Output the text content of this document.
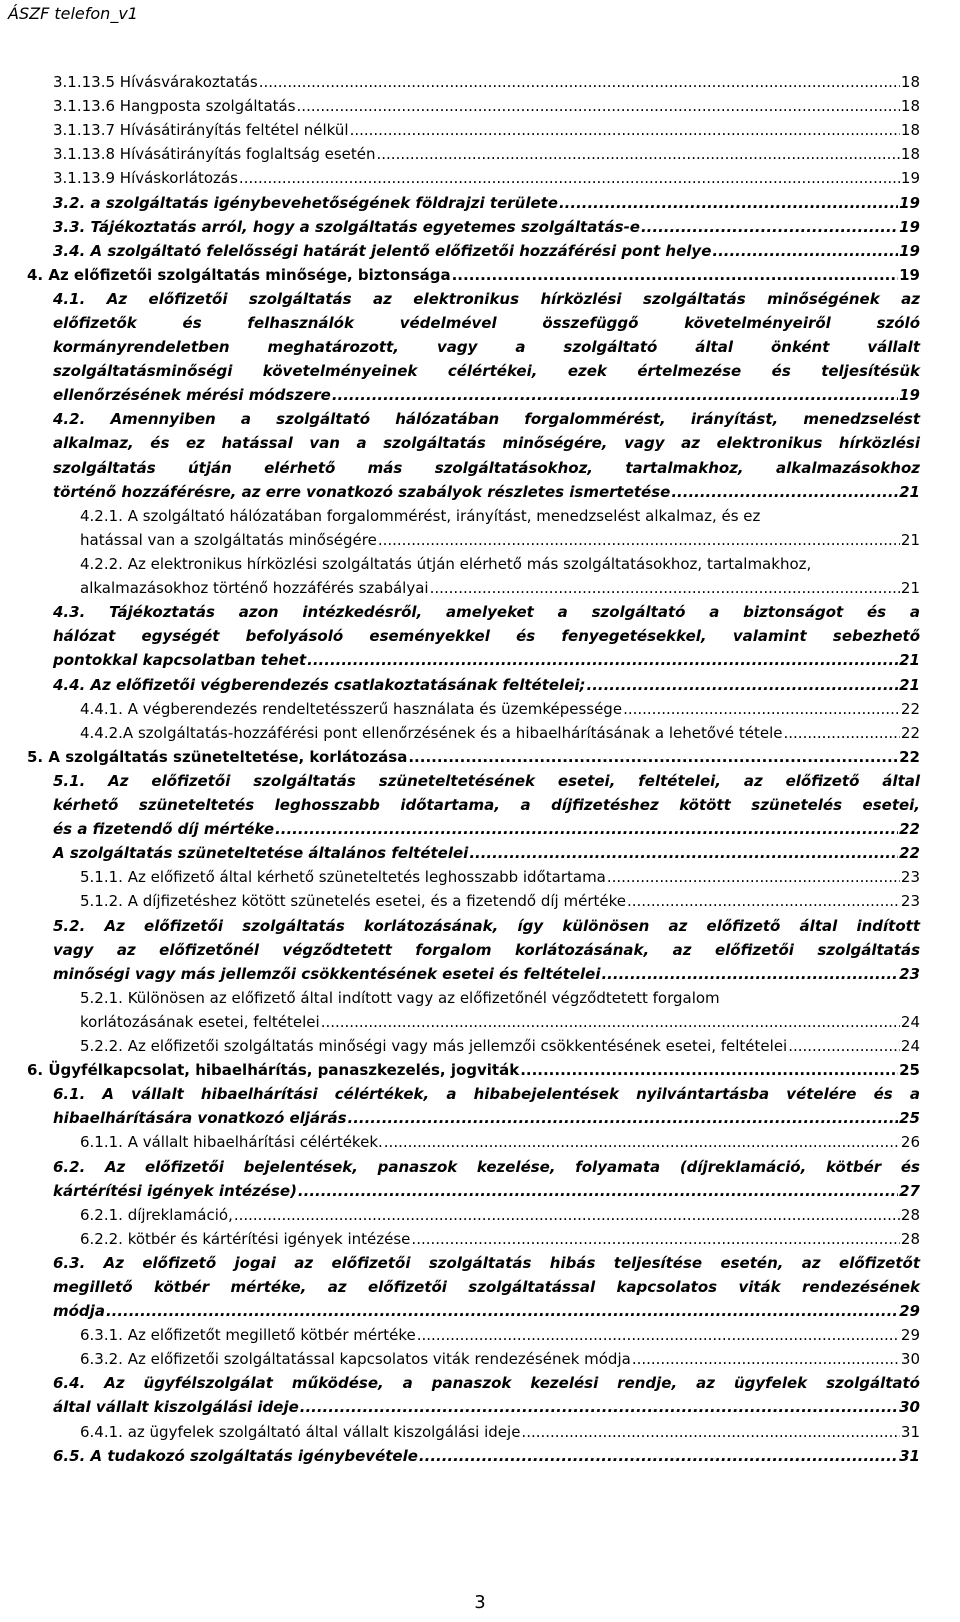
ÁSZF telefon_v1
3.1.13.5 Hívásvárakoztatás .....	18
3.1.13.6 Hangposta szolgáltatás .....	18
3.1.13.7 Hívásátirányítás feltétel nélkül .....	18
3.1.13.8 Hívásátirányítás foglaltság esetén .....	18
3.1.13.9 Híváskorlátozás .....	19
3.2. a szolgáltatás igénybevehetőségének földrajzi területe .....	19
3.3. Tájékoztatás arról, hogy a szolgáltatás egyetemes szolgáltatás-e .....	19
3.4. A szolgáltató felelősségi határát jelentő előfizetői hozzáférési pont helye .....	19
4. Az előfizetői szolgáltatás minősége, biztonsága .....	19
4.1. Az előfizetői szolgáltatás az elektronikus hírközlési szolgáltatás minőségének az
előfizetők és felhasználók védelmével összefüggő követelményeiről szóló
kormányrendeletben meghatározott, vagy a szolgáltató által önként vállalt
szolgáltatásminőségi követelményeinek célértékei, ezek értelmezése és teljesítésük
ellenőrzésének mérési módszere .....	19
4.2. Amennyiben a szolgáltató hálózatában forgalommérést, irányítást, menedzselést
alkalmaz, és ez hatással van a szolgáltatás minőségére, vagy az elektronikus hírközlési
szolgáltatás útján elérhető más szolgáltatásokhoz, tartalmakhoz, alkalmazásokhoz
történő hozzáférésre, az erre vonatkozó szabályok részletes ismertetése .....	21
4.2.1. A szolgáltató hálózatában forgalommérést, irányítást, menedzselést alkalmaz, és ez
hatással van a szolgáltatás minőségére .....	21
4.2.2. Az elektronikus hírközlési szolgáltatás útján elérhető más szolgáltatásokhoz, tartalmakhoz,
alkalmazásokhoz történő hozzáférés szabályai .....	21
4.3. Tájékoztatás azon intézkedésről, amelyeket a szolgáltató a biztonságot és a
hálózat egységét befolyásoló eseményekkel és fenyegetésekkel, valamint sebezhető
pontokkal kapcsolatban tehet .....	21
4.4. Az előfizetői végberendezés csatlakoztatásának feltételei; .....	21
4.4.1. A végberendezés rendeltetésszerű használata és üzemképessége .....	22
4.4.2.A szolgáltatás-hozzáférési pont ellenőrzésének és a hibaelhárításának a lehetővé tétele .....	22
5. A szolgáltatás szüneteltetése, korlátozása .....	22
5.1. Az előfizetői szolgáltatás szüneteltetésének esetei, feltételei, az előfizető által
kérhető szüneteltetés leghosszabb időtartama, a díjfizetéshez kötött szünetelés esetei,
és a fizetendő díj mértéke .....	22
A szolgáltatás szüneteltetése általános feltételei .....	22
5.1.1. Az előfizető által kérhető szüneteltetés leghosszabb időtartama .....	23
5.1.2. A díjfizetéshez kötött szünetelés esetei, és a fizetendő díj mértéke .....	23
5.2. Az előfizetői szolgáltatás korlátozásának, így különösen az előfizető által indított
vagy az előfizetőnél végződtetett forgalom korlátozásának, az előfizetői szolgáltatás
minőségi vagy más jellemzői csökkentésének esetei és feltételei .....	23
5.2.1. Különösen az előfizető által indított vagy az előfizetőnél végződtetett forgalom
korlátozásának esetei, feltételei .....	24
5.2.2. Az előfizetői szolgáltatás minőségi vagy más jellemzői csökkentésének esetei, feltételei .....	24
6. Ügyfélkapcsolat, hibaelhárítás, panaszkezelés, jogviták .....	25
6.1. A vállalt hibaelhárítási célértékek, a hibabejelentések nyilvántartásba vételére és a
hibaelhárítására vonatkozó eljárás .....	25
6.1.1. A vállalt hibaelhárítási célértékek. .....	26
6.2. Az előfizetői bejelentések, panaszok kezelése, folyamata (díjreklamáció, kötbér és
kártérítési igények intézése) .....	27
6.2.1. díjreklamáció, .....	28
6.2.2. kötbér és kártérítési igények intézése .....	28
6.3. Az előfizető jogai az előfizetői szolgáltatás hibás teljesítése esetén, az előfizetőt
megillető kötbér mértéke, az előfizetői szolgáltatással kapcsolatos viták rendezésének
módja .....	29
6.3.1. Az előfizetőt megillető kötbér mértéke .....	29
6.3.2. Az előfizetői szolgáltatással kapcsolatos viták rendezésének módja .....	30
6.4. Az ügyfélszolgálat működése, a panaszok kezelési rendje, az ügyfelek szolgáltató
által vállalt kiszolgálási ideje .....	30
6.4.1. az ügyfelek szolgáltató által vállalt kiszolgálási ideje .....	31
6.5. A tudakozó szolgáltatás igénybevétele .....	31
3
